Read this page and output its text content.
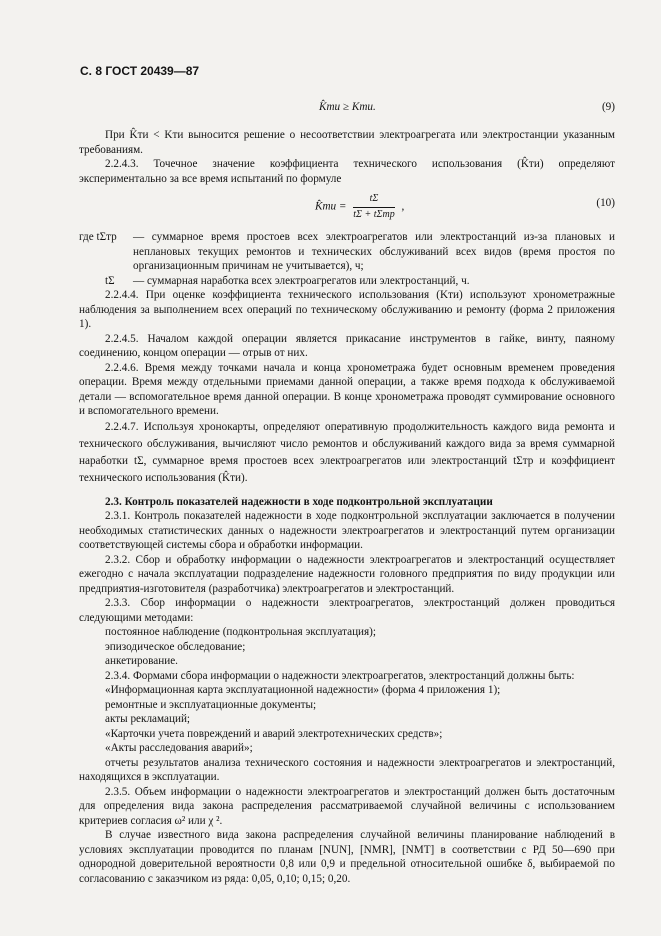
С. 8 ГОСТ 20439—87
K̂ти ≥ Kти.	(9)

При K̂ти < Kти выносится решение о несоответствии электроагрегата или электростанции указанным требованиям.

2.2.4.3. Точечное значение коэффициента технического использования (K̂ти) определяют экспериментально за все время испытаний по формуле

K̂ти = $\frac{t\Sigma}{\text{tΣ + tΣтр}}$ ,	(10)
где tΣтр	— суммарное время простоев всех электроагрегатов или электростанций из-за плановых и неплановых текущих ремонтов и технических обслуживаний всех видов (время простоя по организационным причинам не учитывается), ч;
tΣ	— суммарная наработка всех электроагрегатов или электростанций, ч.

2.2.4.4. При оценке коэффициента технического использования (Kти) используют хронометражные наблюдения за выполнением всех операций по техническому обслуживанию и ремонту (форма 2 приложения 1).

2.2.4.5. Началом каждой операции является прикасание инструментов в гайке, винту, паяному соединению, концом операции — отрыв от них.

2.2.4.6. Время между точками начала и конца хронометража будет основным временем проведения операции. Время между отдельными приемами данной операции, а также время подхода к обслуживаемой детали — вспомогательное время данной операции. В конце хронометража проводят суммирование основного и вспомогательного времени.

2.2.4.7. Используя хронокарты, определяют оперативную продолжительность каждого вида ремонта и технического обслуживания, вычисляют число ремонтов и обслуживаний каждого вида за время суммарной наработки tΣ, суммарное время простоев всех электроагрегатов или электростанций tΣтр и коэффициент технического использования (K̂ти).

2.3. Контроль показателей надежности в ходе подконтрольной эксплуатации

2.3.1. Контроль показателей надежности в ходе подконтрольной эксплуатации заключается в получении необходимых статистических данных о надежности электроагрегатов и электростанций путем организации соответствующей системы сбора и обработки информации.

2.3.2. Сбор и обработку информации о надежности электроагрегатов и электростанций осуществляет ежегодно с начала эксплуатации подразделение надежности головного предприятия по виду продукции или предприятия-изготовителя (разработчика) электроагрегатов и электростанций.

2.3.3. Сбор информации о надежности электроагрегатов, электростанций должен проводиться следующими методами:

постоянное наблюдение (подконтрольная эксплуатация);

эпизодическое обследование;

анкетирование.

2.3.4. Формами сбора информации о надежности электроагрегатов, электростанций должны быть:

«Информационная карта эксплуатационной надежности» (форма 4 приложения 1);

ремонтные и эксплуатационные документы;

акты рекламаций;

«Карточки учета повреждений и аварий электротехнических средств»;

«Акты расследования аварий»;

отчеты результатов анализа технического состояния и надежности электроагрегатов и электростанций, находящихся в эксплуатации.

2.3.5. Объем информации о надежности электроагрегатов и электростанций должен быть достаточным для определения вида закона распределения рассматриваемой случайной величины с использованием критериев согласия ω² или χ ².

В случае известного вида закона распределения случайной величины планирование наблюдений в условиях эксплуатации проводится по планам [NUN], [NMR], [NMT] в соответствии с РД 50—690 при однородной доверительной вероятности 0,8 или 0,9 и предельной относительной ошибке δ, выбираемой по согласованию с заказчиком из ряда: 0,05, 0,10; 0,15; 0,20.
